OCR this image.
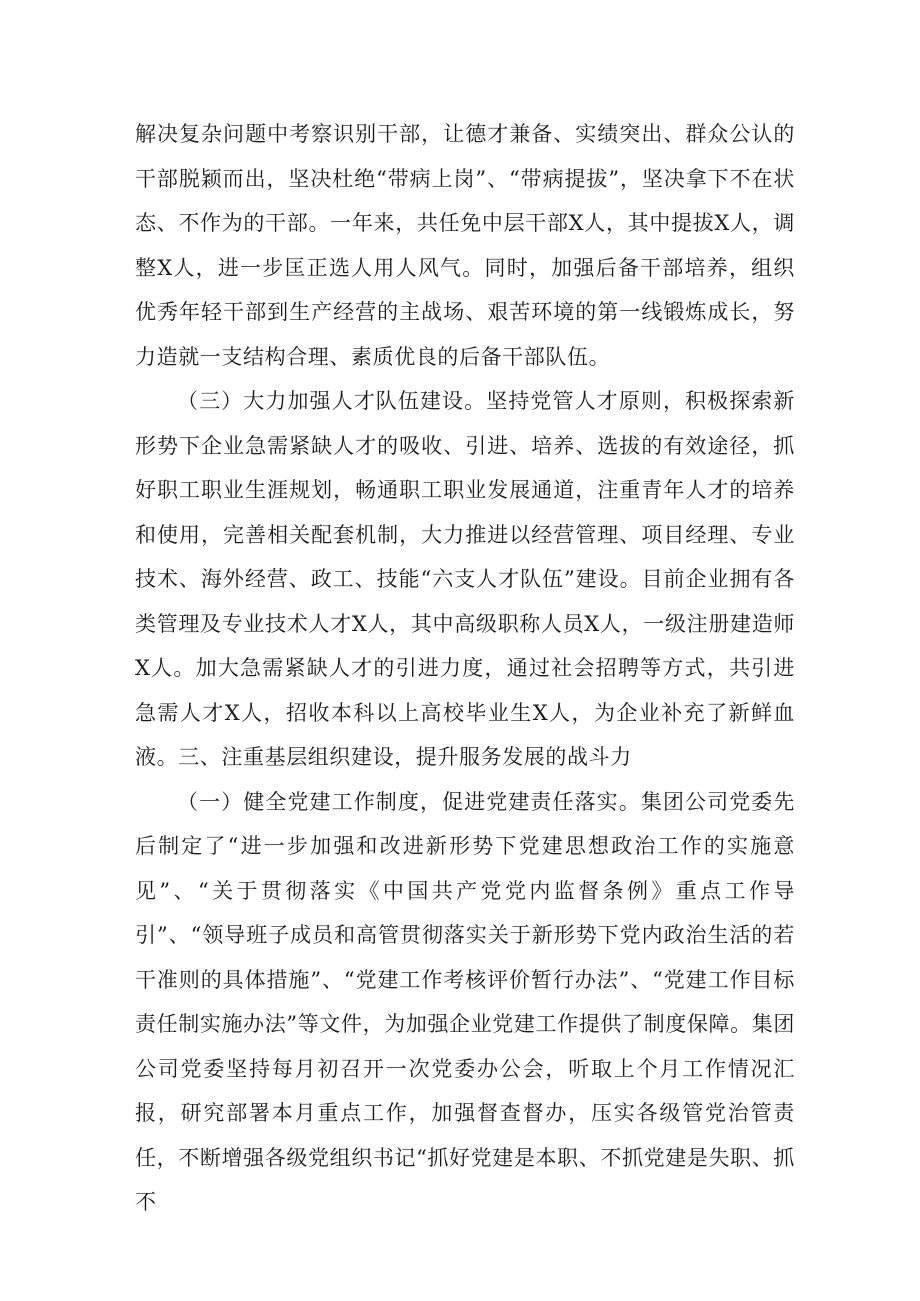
解决复杂问题中考察识别干部，让德才兼备、实绩突出、群众公认的干部脱颖而出，坚决杜绝“带病上岗”、“带病提拔”，坚决拿下不在状态、不作为的干部。一年来，共任免中层干部X人，其中提拔X人，调整X人，进一步匡正选人用人风气。同时，加强后备干部培养，组织优秀年轻干部到生产经营的主战场、艰苦环境的第一线锻炼成长，努力造就一支结构合理、素质优良的后备干部队伍。

（三）大力加强人才队伍建设。坚持党管人才原则，积极探索新形势下企业急需紧缺人才的吸收、引进、培养、选拔的有效途径，抓好职工职业生涯规划，畅通职工职业发展通道，注重青年人才的培养和使用，完善相关配套机制，大力推进以经营管理、项目经理、专业技术、海外经营、政工、技能“六支人才队伍”建设。目前企业拥有各类管理及专业技术人才X人，其中高级职称人员X人，一级注册建造师X人。加大急需紧缺人才的引进力度，通过社会招聘等方式，共引进急需人才X人，招收本科以上高校毕业生X人，为企业补充了新鲜血液。三、注重基层组织建设，提升服务发展的战斗力

（一）健全党建工作制度，促进党建责任落实。集团公司党委先后制定了“进一步加强和改进新形势下党建思想政治工作的实施意见”、“关于贯彻落实《中国共产党党内监督条例》重点工作导引”、“领导班子成员和高管贯彻落实关于新形势下党内政治生活的若干准则的具体措施”、“党建工作考核评价暂行办法”、“党建工作目标责任制实施办法”等文件，为加强企业党建工作提供了制度保障。集团公司党委坚持每月初召开一次党委办公会，听取上个月工作情况汇报，研究部署本月重点工作，加强督查督办，压实各级管党治管责任，不断增强各级党组织书记“抓好党建是本职、不抓党建是失职、抓不
